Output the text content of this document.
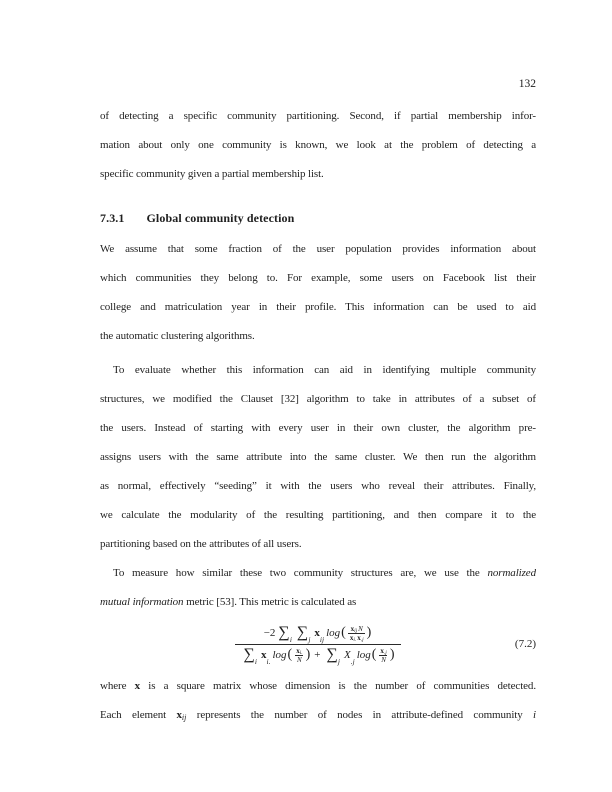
132
of detecting a specific community partitioning. Second, if partial membership infor-
mation about only one community is known, we look at the problem of detecting a
specific community given a partial membership list.
7.3.1 Global community detection
We assume that some fraction of the user population provides information about
which communities they belong to. For example, some users on Facebook list their
college and matriculation year in their profile. This information can be used to aid
the automatic clustering algorithms.
To evaluate whether this information can aid in identifying multiple community
structures, we modified the Clauset [32] algorithm to take in attributes of a subset of
the users. Instead of starting with every user in their own cluster, the algorithm pre-
assigns users with the same attribute into the same cluster. We then run the algorithm
as normal, effectively “seeding” it with the users who reveal their attributes. Finally,
we calculate the modularity of the resulting partitioning, and then compare it to the
partitioning based on the attributes of all users.
To measure how similar these two community structures are, we use the normalized
mutual information metric [53]. This metric is calculated as
−2 ∑ i ∑ j x ij log ( $\frac{\text{x ij N}}{\text{x i. x .j}}$ )
∑ i x i. log ( $\frac{\text{x i.}}{N}$ ) + ∑ j X .j log ( $\frac{x .j}{N}$ )
(7.2)
where x is a square matrix whose dimension is the number of communities detected.
Each element xij represents the number of nodes in attribute-defined community i
